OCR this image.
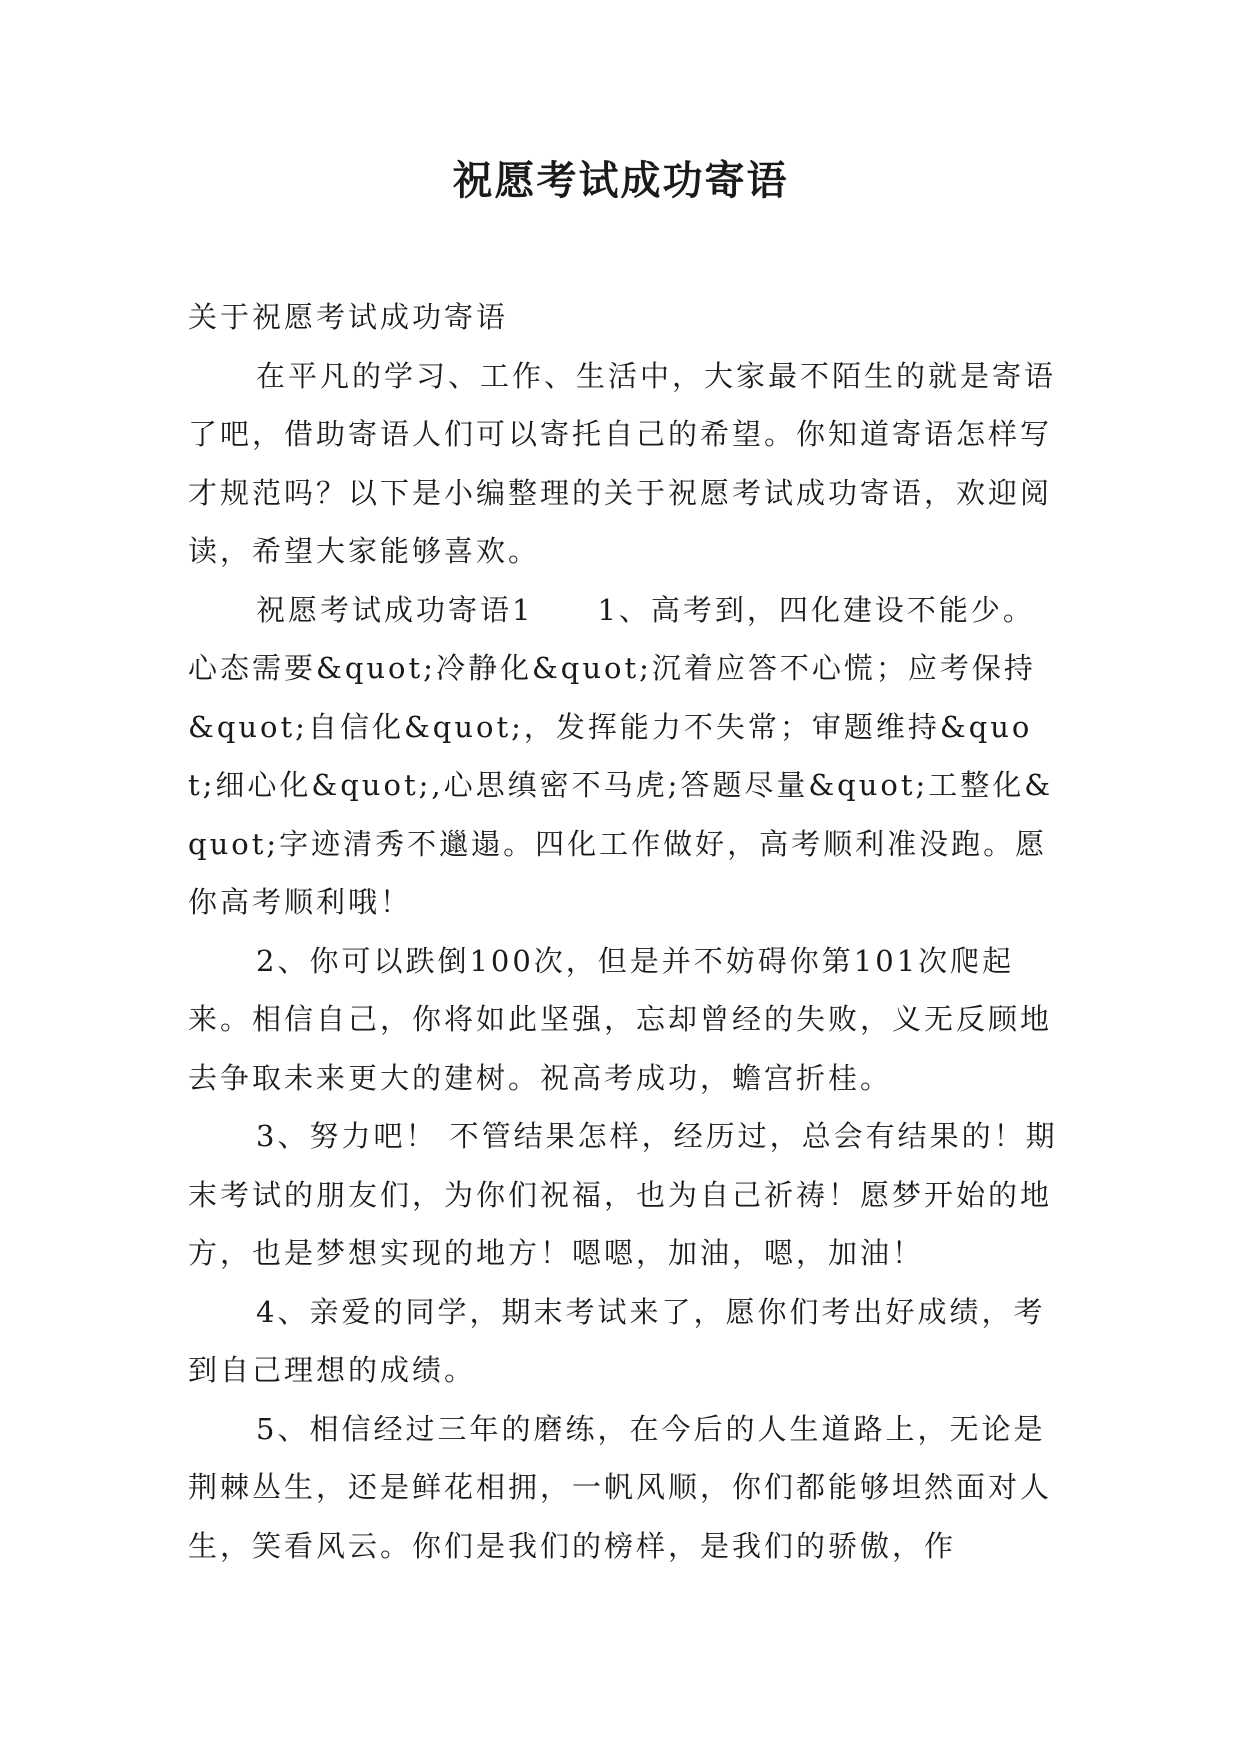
祝愿考试成功寄语

关于祝愿考试成功寄语

在平凡的学习、工作、生活中，大家最不陌生的就是寄语了吧，借助寄语人们可以寄托自己的希望。你知道寄语怎样写才规范吗？以下是小编整理的关于祝愿考试成功寄语，欢迎阅读，希望大家能够喜欢。

祝愿考试成功寄语1 1、高考到，四化建设不能少。心态需要&quot;冷静化&quot;沉着应答不心慌；应考保持&quot;自信化&quot;，发挥能力不失常；审题维持&quot;细心化&quot;,心思缜密不马虎;答题尽量&quot;工整化&quot;字迹清秀不邋遢。四化工作做好，高考顺利准没跑。愿你高考顺利哦！

2、你可以跌倒100次，但是并不妨碍你第101次爬起来。相信自己，你将如此坚强，忘却曾经的失败，义无反顾地去争取未来更大的建树。祝高考成功，蟾宫折桂。

3、努力吧！ 不管结果怎样，经历过，总会有结果的！期末考试的朋友们，为你们祝福，也为自己祈祷！愿梦开始的地方，也是梦想实现的地方！嗯嗯，加油，嗯，加油！

4、亲爱的同学，期末考试来了，愿你们考出好成绩，考到自己理想的成绩。

5、相信经过三年的磨练，在今后的人生道路上，无论是荆棘丛生，还是鲜花相拥，一帆风顺，你们都能够坦然面对人生，笑看风云。你们是我们的榜样，是我们的骄傲，作
